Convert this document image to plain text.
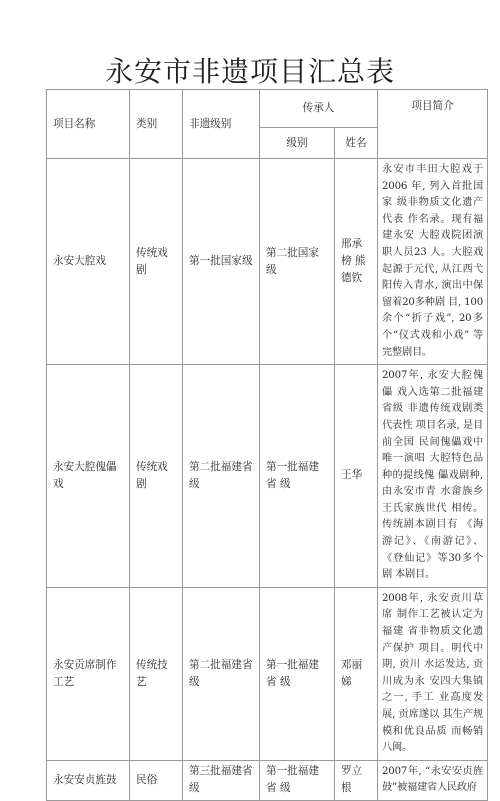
永安市非遗项目汇总表
项目名称	类别	非遗级别	传承人		项目简介
			级别	姓名	
永安大腔戏	传统戏剧	第一批国家级	第二批国家级	邢承榜 熊德钦	永安市丰田大腔戏于 2006 年, 列入首批国家 级非物质文化遗产代表 作名录。现有福建永安 大腔戏院团演职人员23 人。大腔戏起源于元代, 从江西弋阳传入青水, 演出中保留着20多种剧 目, 100余个“折子戏”, 20多个“仪式戏和小戏” 等完整剧目。
永安大腔傀儡戏	传统戏剧	第二批福建省 级	第一批福建省 级	王华	2007年, 永安大腔傀儡 戏入选第二批福建省级 非遗传统戏剧类代表性 项目名录, 是目前全国 民间傀儡戏中唯一演唱 大腔特色品种的提线傀 儡戏剧种, 由永安市青 水畲族乡王氏家族世代 相传。传统剧本剧目有 《海游记》、《南游记》、 《登仙记》等30多个剧 本剧目。
永安贡席制作工艺	传统技艺	第二批福建省 级	第一批福建省 级	邓丽娣	2008年, 永安贡川草席 制作工艺被认定为福建 省非物质文化遗产保护 项目。明代中期, 贡川 水运发达, 贡川成为永 安四大集镇之一, 手工 业高度发展, 贡席遂以 其生产规模和优良品质 而畅销八闽。
永安安贞旌鼓	民俗	第三批福建省 级	第一批福建省 级	罗立根	2007年, “永安安贞旌鼓”被福建省人民政府
